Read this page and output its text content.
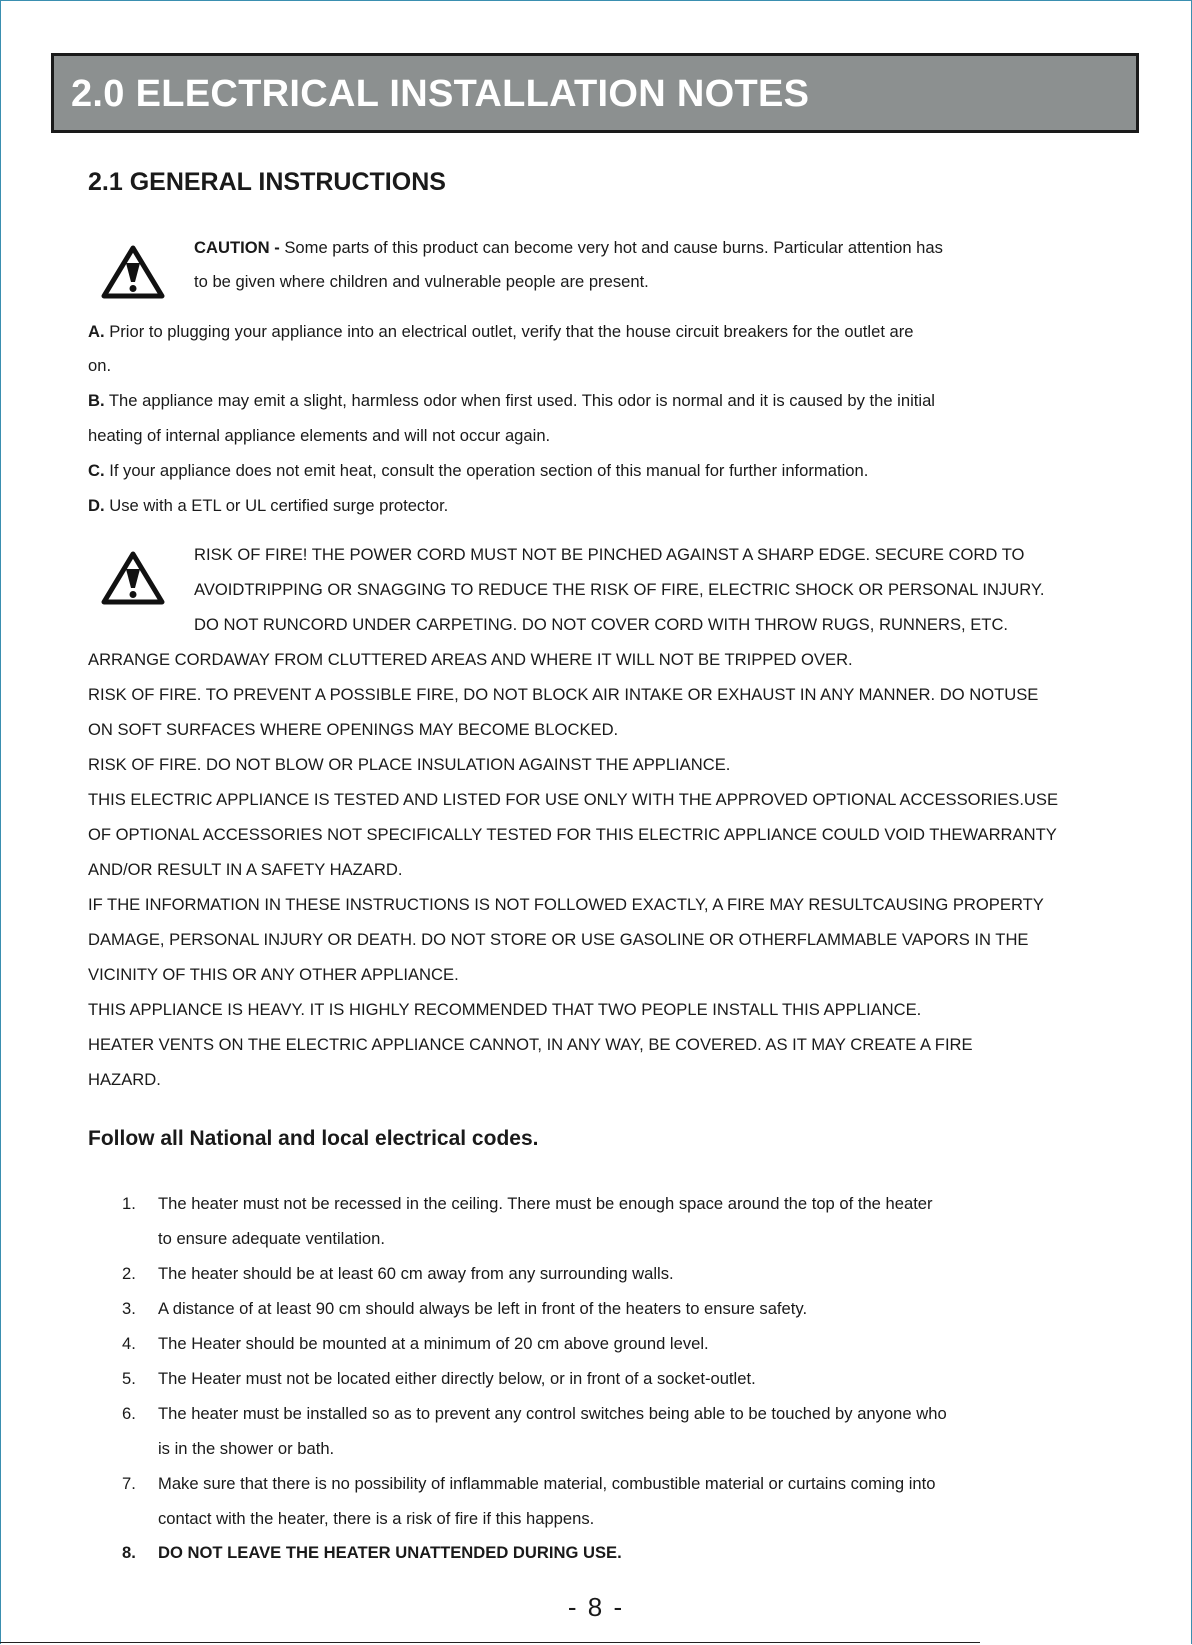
2.0 ELECTRICAL INSTALLATION NOTES
2.1 GENERAL INSTRUCTIONS
CAUTION - Some parts of this product can become very hot and cause burns. Particular attention has
to be given where children and vulnerable people are present.
A. Prior to plugging your appliance into an electrical outlet, verify that the house circuit breakers for the outlet are
on.
B. The appliance may emit a slight, harmless odor when first used. This odor is normal and it is caused by the initial
heating of internal appliance elements and will not occur again.
C. If your appliance does not emit heat, consult the operation section of this manual for further information.
D. Use with a ETL or UL certified surge protector.
RISK OF FIRE! THE POWER CORD MUST NOT BE PINCHED AGAINST A SHARP EDGE. SECURE CORD TO
AVOIDTRIPPING OR SNAGGING TO REDUCE THE RISK OF FIRE, ELECTRIC SHOCK OR PERSONAL INJURY.
DO NOT RUNCORD UNDER CARPETING. DO NOT COVER CORD WITH THROW RUGS, RUNNERS, ETC.
ARRANGE CORDAWAY FROM CLUTTERED AREAS AND WHERE IT WILL NOT BE TRIPPED OVER.
RISK OF FIRE. TO PREVENT A POSSIBLE FIRE, DO NOT BLOCK AIR INTAKE OR EXHAUST IN ANY MANNER. DO NOTUSE
ON SOFT SURFACES WHERE OPENINGS MAY BECOME BLOCKED.
RISK OF FIRE. DO NOT BLOW OR PLACE INSULATION AGAINST THE APPLIANCE.
THIS ELECTRIC APPLIANCE IS TESTED AND LISTED FOR USE ONLY WITH THE APPROVED OPTIONAL ACCESSORIES.USE
OF OPTIONAL ACCESSORIES NOT SPECIFICALLY TESTED FOR THIS ELECTRIC APPLIANCE COULD VOID THEWARRANTY
AND/OR RESULT IN A SAFETY HAZARD.
IF THE INFORMATION IN THESE INSTRUCTIONS IS NOT FOLLOWED EXACTLY, A FIRE MAY RESULTCAUSING PROPERTY
DAMAGE, PERSONAL INJURY OR DEATH. DO NOT STORE OR USE GASOLINE OR OTHERFLAMMABLE VAPORS IN THE
VICINITY OF THIS OR ANY OTHER APPLIANCE.
THIS APPLIANCE IS HEAVY. IT IS HIGHLY RECOMMENDED THAT TWO PEOPLE INSTALL THIS APPLIANCE.
HEATER VENTS ON THE ELECTRIC APPLIANCE CANNOT, IN ANY WAY, BE COVERED. AS IT MAY CREATE A FIRE
HAZARD.
Follow all National and local electrical codes.
1. The heater must not be recessed in the ceiling. There must be enough space around the top of the heater
to ensure adequate ventilation.
2. The heater should be at least 60 cm away from any surrounding walls.
3. A distance of at least 90 cm should always be left in front of the heaters to ensure safety.
4. The Heater should be mounted at a minimum of 20 cm above ground level.
5. The Heater must not be located either directly below, or in front of a socket-outlet.
6. The heater must be installed so as to prevent any control switches being able to be touched by anyone who
is in the shower or bath.
7. Make sure that there is no possibility of inflammable material, combustible material or curtains coming into
contact with the heater, there is a risk of fire if this happens.
8. DO NOT LEAVE THE HEATER UNATTENDED DURING USE.
- 8 -
